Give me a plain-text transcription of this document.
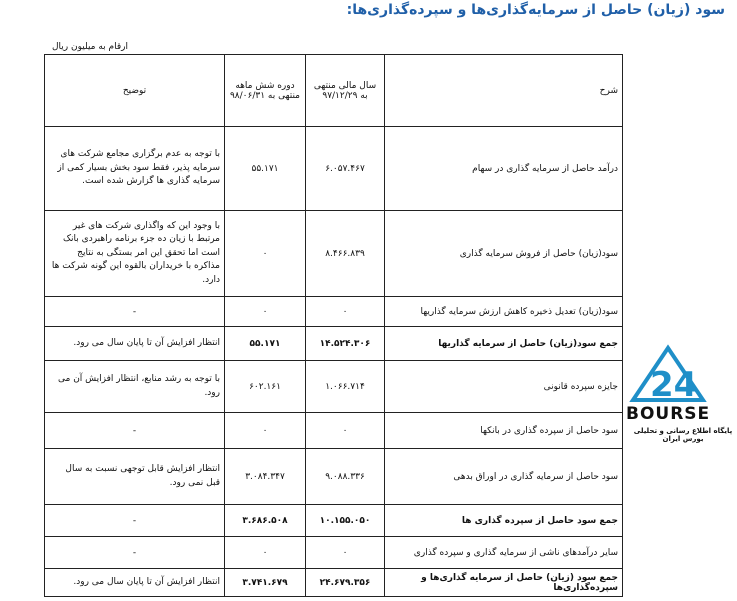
سود (زیان) حاصل از سرمایه‌گذاری‌ها و سپرده‌گذاری‌ها:
ارقام به میلیون ریال
شرح	سال مالی منتهی به ۹۷/۱۲/۲۹	دوره شش ماهه منتهی به ۹۸/۰۶/۳۱	توضیح
درآمد حاصل از سرمایه گذاری در سهام	۶.۰۵۷.۴۶۷	۵۵.۱۷۱	با توجه به عدم برگزاری مجامع شرکت های سرمایه پذیر، فقط سود بخش بسیار کمی از سرمایه گذاری ها گزارش شده است.
سود(زیان) حاصل از فروش سرمایه گذاری	۸.۴۶۶.۸۳۹	۰	با وجود این که واگذاری شرکت های غیر مرتبط با زیان ده جزء برنامه راهبردی بانک است اما تحقق این امر بستگی به نتایج مذاکره با خریداران بالقوه این گونه شرکت ها دارد.
سود(زیان) تعدیل ذخیره کاهش ارزش سرمایه گذاریها	۰	۰	-
جمع سود(زیان) حاصل از سرمایه گذاریها	۱۴.۵۲۴.۳۰۶	۵۵.۱۷۱	انتظار افزایش آن تا پایان سال می رود.
جایزه سپرده قانونی	۱.۰۶۶.۷۱۴	۶۰۲.۱۶۱	با توجه به رشد منابع، انتظار افزایش آن می رود.
سود حاصل از سپرده گذاری در بانکها	۰	۰	-
سود حاصل از سرمایه گذاری در اوراق بدهی	۹.۰۸۸.۳۳۶	۳.۰۸۴.۳۴۷	انتظار افزایش قابل توجهی نسبت به سال قبل نمی رود.
جمع سود حاصل از سپرده گذاری ها	۱۰.۱۵۵.۰۵۰	۳.۶۸۶.۵۰۸	-
سایر درآمدهای ناشی از سرمایه گذاری و سپرده گذاری	۰	۰	-
جمع سود (زیان) حاصل از سرمایه گذاری‌ها و سپرده‌گذاری‌ها	۲۴.۶۷۹.۳۵۶	۳.۷۴۱.۶۷۹	انتظار افزایش آن تا پایان سال می رود.
24
BOURSE
پایگاه اطلاع رسانی و تحلیلی بورس ایران
